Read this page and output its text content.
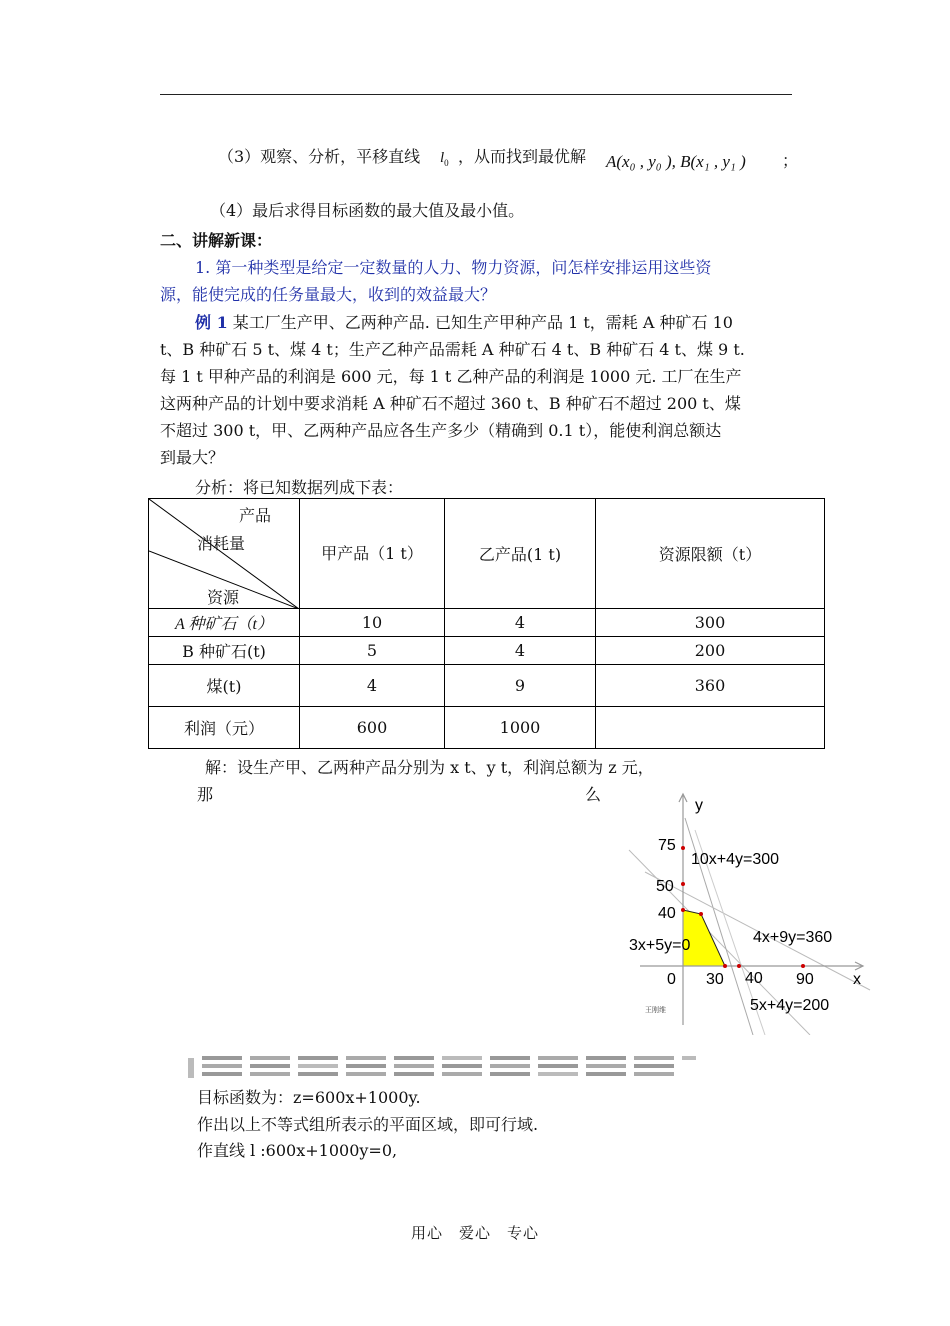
（3）观察、分析，平移直线 $l_0$ ，从而找到最优解 A(x₀ , y₀ ), B(x₁ , y₁ ) ；
（4）最后求得目标函数的最大值及最小值。
二、讲解新课：
1. 第一种类型是给定一定数量的人力、物力资源，问怎样安排运用这些资
源，能使完成的任务量最大，收到的效益最大？
例 1 某工厂生产甲、乙两种产品. 已知生产甲种产品 1 t，需耗 A 种矿石 10
t、B 种矿石 5 t、煤 4 t；生产乙种产品需耗 A 种矿石 4 t、B 种矿石 4 t、煤 9 t.
每 1 t 甲种产品的利润是 600 元，每 1 t 乙种产品的利润是 1000 元. 工厂在生产
这两种产品的计划中要求消耗 A 种矿石不超过 360 t、B 种矿石不超过 200 t、煤
不超过 300 t，甲、乙两种产品应各生产多少（精确到 0.1 t），能使利润总额达
到最大？
分析：将已知数据列成下表：
产品
消耗量
资源	甲产品（1 t）	乙产品(1 t)	资源限额（t）
A 种矿石（t）	10	4	300
B 种矿石(t)	5	4	200
煤(t)	4	9	360
利润（元）	600	1000	
解：设生产甲、乙两种产品分别为 x t、y t，利润总额为 z 元，
那	么
y
x
75
50
40
0 30 40 90
10x+4y=300
4x+9y=360
3x+5y=0
5x+4y=200
王刚维
目标函数为：z=600x+1000y.
作出以上不等式组所表示的平面区域，即可行域.
作直线 l :600x+1000y=0,
用心　爱心　专心
